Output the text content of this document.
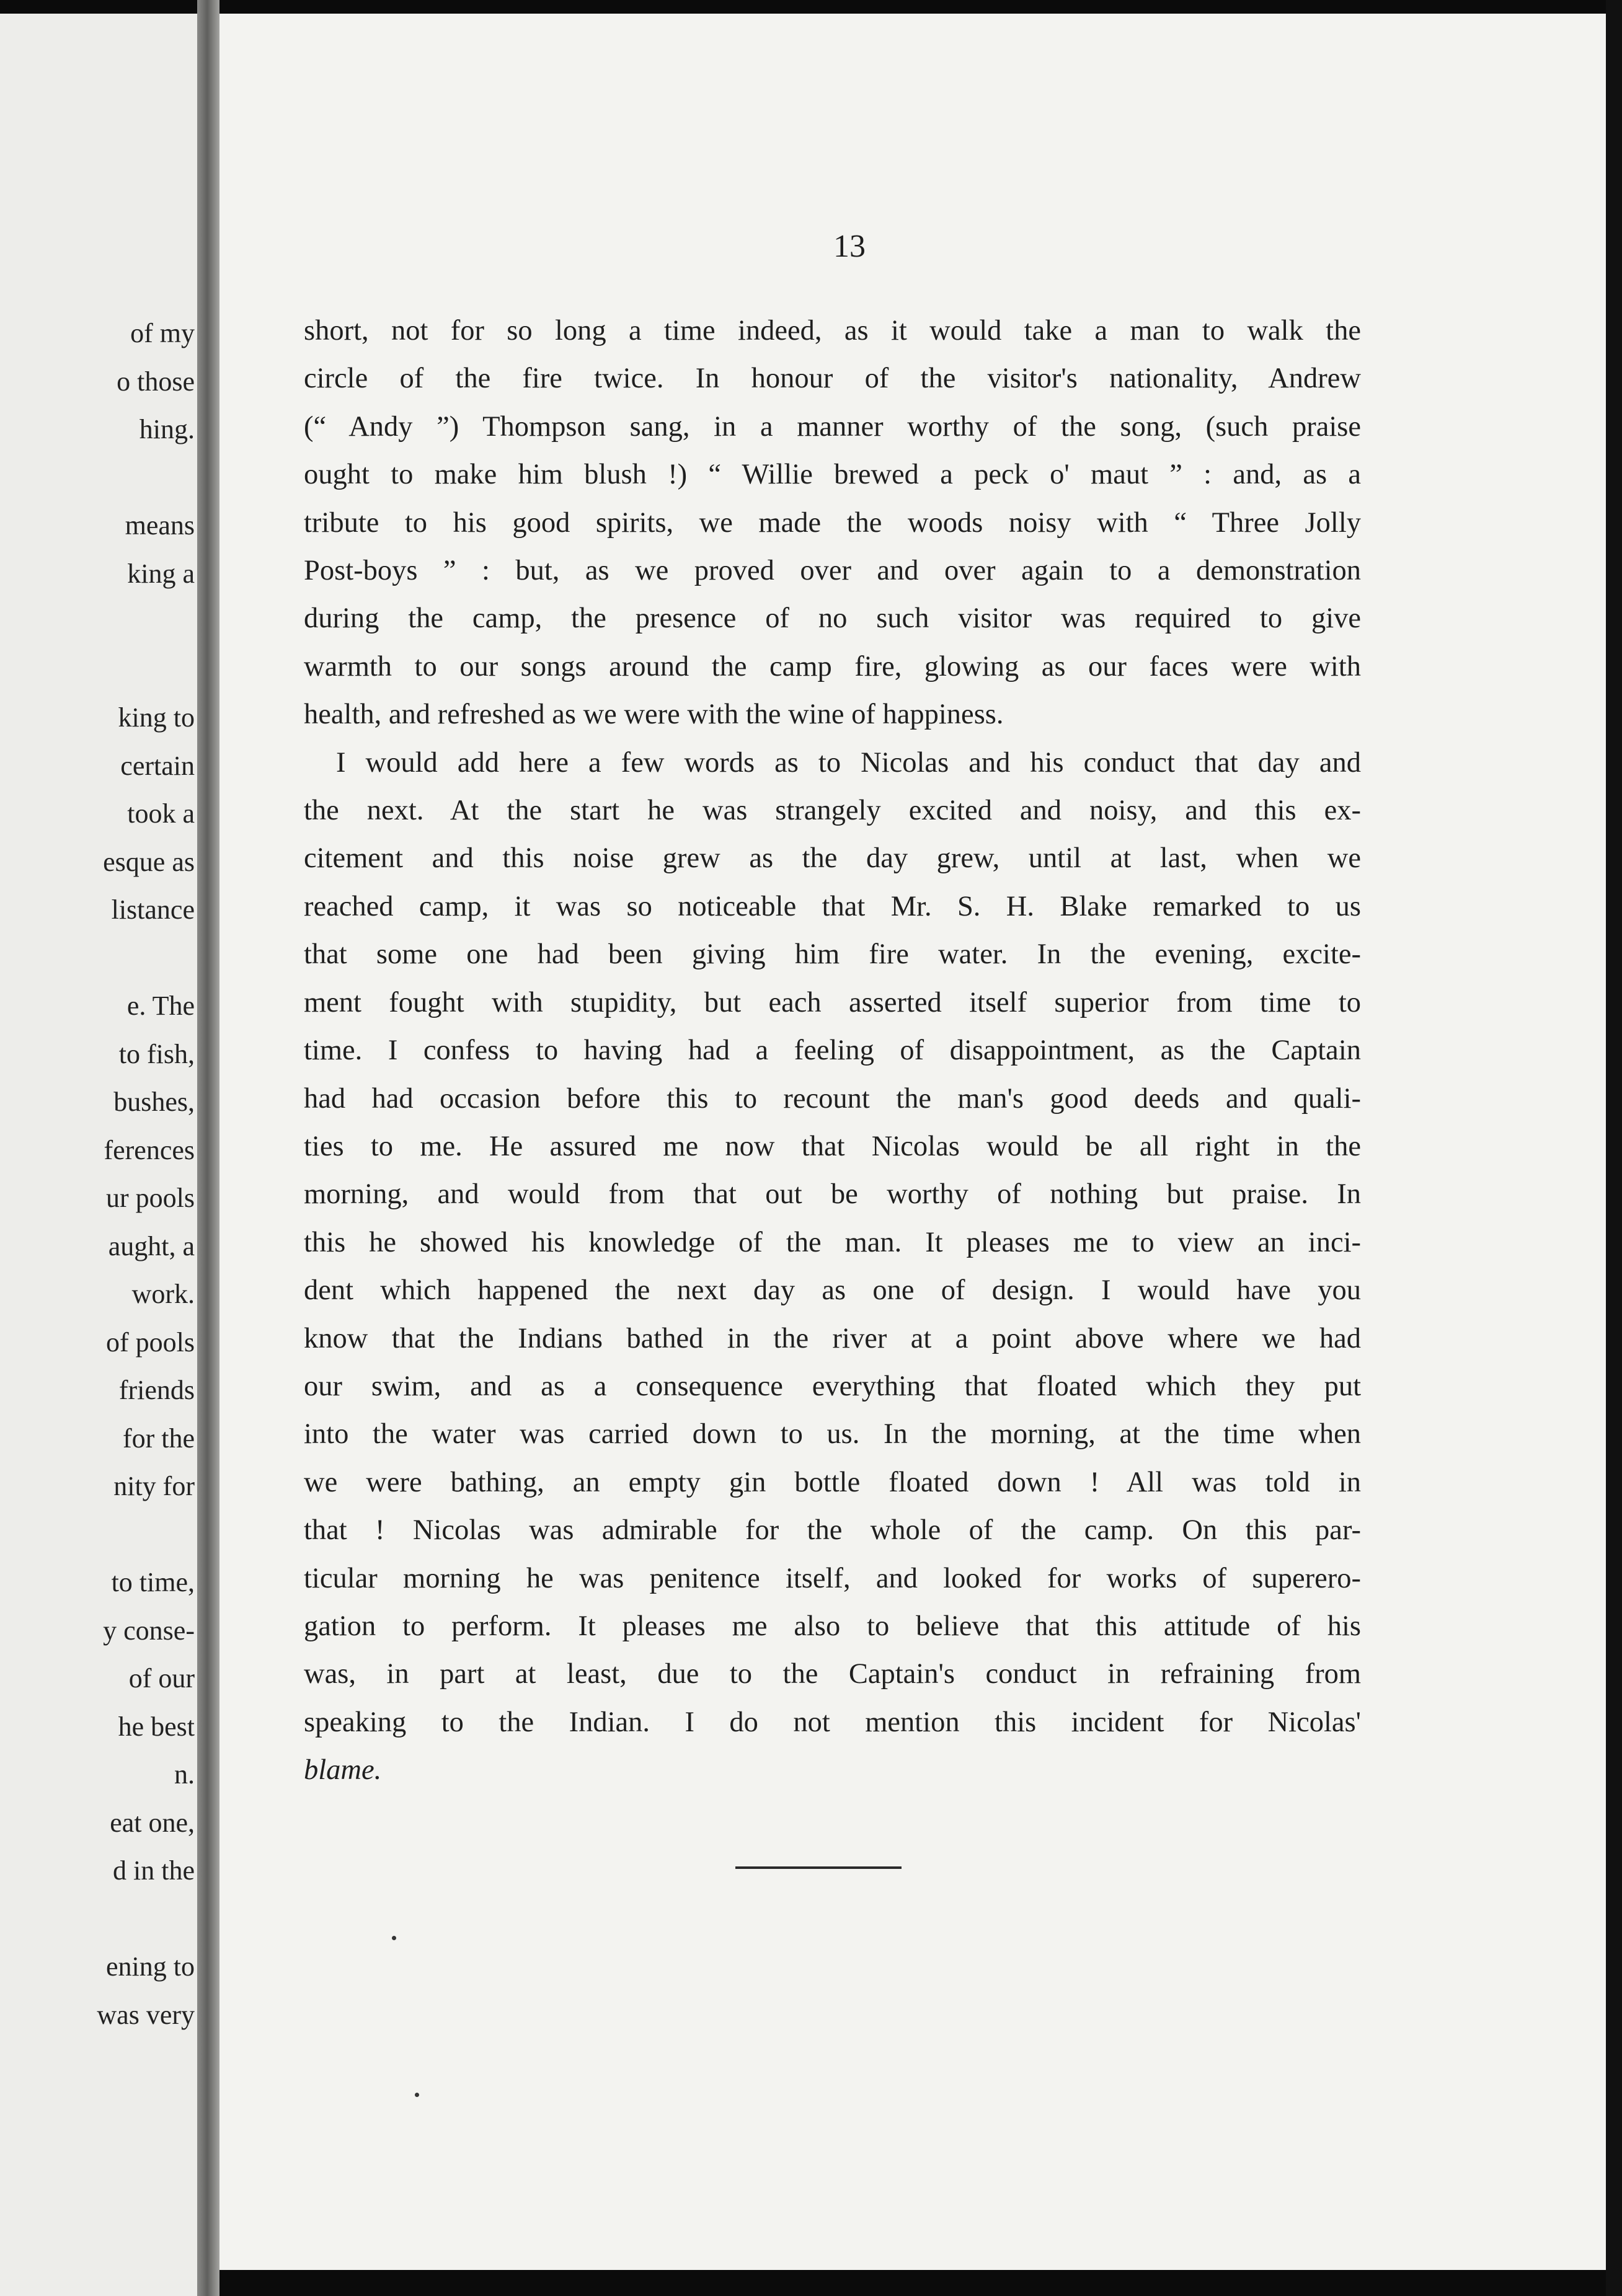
of my
o those
hing.
means
king a
king to
certain
took a
esque as
listance
e. The
to fish,
bushes,
ferences
ur pools
aught, a
work.
of pools
friends
for the
nity for
to time,
y conse-
of our
he best
n.
eat one,
d in the
ening to
was very
13
short, not for so long a time indeed, as it would take a man to walk the
circle of the fire twice. In honour of the visitor's nationality, Andrew
(“ Andy ”) Thompson sang, in a manner worthy of the song, (such praise
ought to make him blush !) “ Willie brewed a peck o' maut ” : and, as a
tribute to his good spirits, we made the woods noisy with “ Three Jolly
Post-boys ” : but, as we proved over and over again to a demonstration
during the camp, the presence of no such visitor was required to give
warmth to our songs around the camp fire, glowing as our faces were with
health, and refreshed as we were with the wine of happiness.
I would add here a few words as to Nicolas and his conduct that day and
the next. At the start he was strangely excited and noisy, and this ex-
citement and this noise grew as the day grew, until at last, when we
reached camp, it was so noticeable that Mr. S. H. Blake remarked to us
that some one had been giving him fire water. In the evening, excite-
ment fought with stupidity, but each asserted itself superior from time to
time. I confess to having had a feeling of disappointment, as the Captain
had had occasion before this to recount the man's good deeds and quali-
ties to me. He assured me now that Nicolas would be all right in the
morning, and would from that out be worthy of nothing but praise. In
this he showed his knowledge of the man. It pleases me to view an inci-
dent which happened the next day as one of design. I would have you
know that the Indians bathed in the river at a point above where we had
our swim, and as a consequence everything that floated which they put
into the water was carried down to us. In the morning, at the time when
we were bathing, an empty gin bottle floated down ! All was told in
that ! Nicolas was admirable for the whole of the camp. On this par-
ticular morning he was penitence itself, and looked for works of superero-
gation to perform. It pleases me also to believe that this attitude of his
was, in part at least, due to the Captain's conduct in refraining from
speaking to the Indian. I do not mention this incident for Nicolas'
blame.
